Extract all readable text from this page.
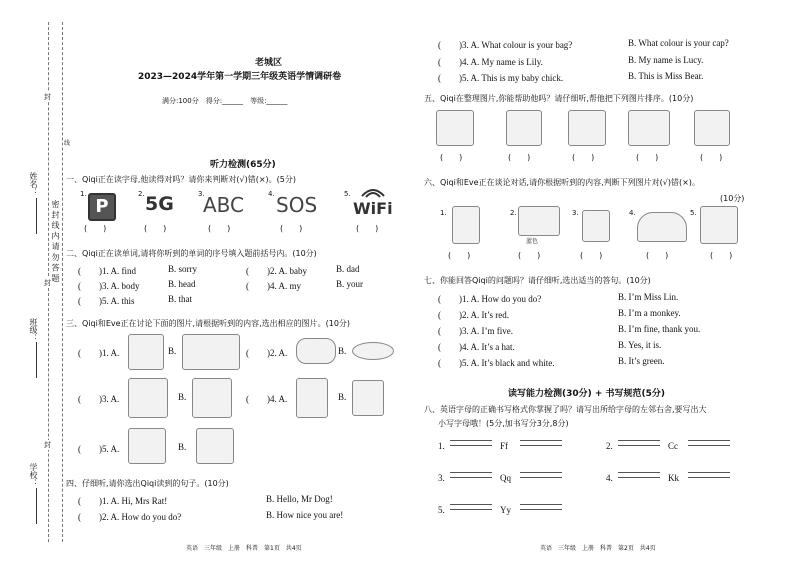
姓名：
班级：
学校：
密 封 线 内 请 勿 答 题
封
封
封
线
老城区
2023—2024学年第一学期三年级英语学情调研卷
满分:100分　得分:______　等级:______
听力检测(65分)
一、Qiqi正在读字母,他读得对吗？请你来判断对(√)错(×)。(5分)
1.
P
2. 5G	3.
ABC	4. SOS	5.
WiFi
(　　)	(　　)	(　　)	(　　)	(　　)
二、Qiqi正在读单词,请将你听到的单词的序号填入题前括号内。(10分)
(　　)1. A. find	B. sorry	(　　)2. A. baby	B. dad
(　　)3. A. body	B. head	(　　)4. A. my	B. your
(　　)5. A. this	B. that
三、Qiqi和Eve正在讨论下面的图片,请根据听到的内容,选出相应的图片。(10分)
(　　)1. A.	B.	(　　)2. A.	B.
(　　)3. A.	B.	(　　)4. A.	B.
(　　)5. A.	B.
四、仔细听,请你选出Qiqi读到的句子。(10分)
(　　)1. A. Hi, Mrs Rat!	B. Hello, Mr Dog!
(　　)2. A. How do you do?	B. How nice you are!
英语　三年级　上册　科普　第1页　共4页
(　　)3. A. What colour is your bag?	B. What colour is your cap?
(　　)4. A. My name is Lily.	B. My name is Lucy.
(　　)5. A. This is my baby chick.	B. This is Miss Bear.
五、Qiqi在整理图片,你能帮助他吗？请仔细听,帮他把下列图片排序。(10分)
(　　)	(　　)	(　　)	(　　)	(　　)
六、Qiqi和Eve正在谈论对话,请你根据听到的内容,判断下列图片对(√)错(×)。
(10分)
1.	2.
蓝色
3.	4.	5.
(　　)	(　　)	(　　)	(　　)	(　　)
七、你能回答Qiqi的问题吗？请仔细听,选出适当的答句。(10分)
(　　)1. A. How do you do?	B. I’m Miss Lin.
(　　)2. A. It’s red.	B. I’m a monkey.
(　　)3. A. I’m five.	B. I’m fine, thank you.
(　　)4. A. It’s a hat.	B. Yes, it is.
(　　)5. A. It’s black and white.	B. It’s green.
读写能力检测(30分) + 书写规范(5分)
八、英语字母的正确书写格式你掌握了吗？请写出所给字母的左邻右舍,要写出大
小写字母哦！(5分,加书写分3分,8分)
1.	Ff	2.	Cc
3.	Qq	4.	Kk
5.	Yy
英语　三年级　上册　科普　第2页　共4页
